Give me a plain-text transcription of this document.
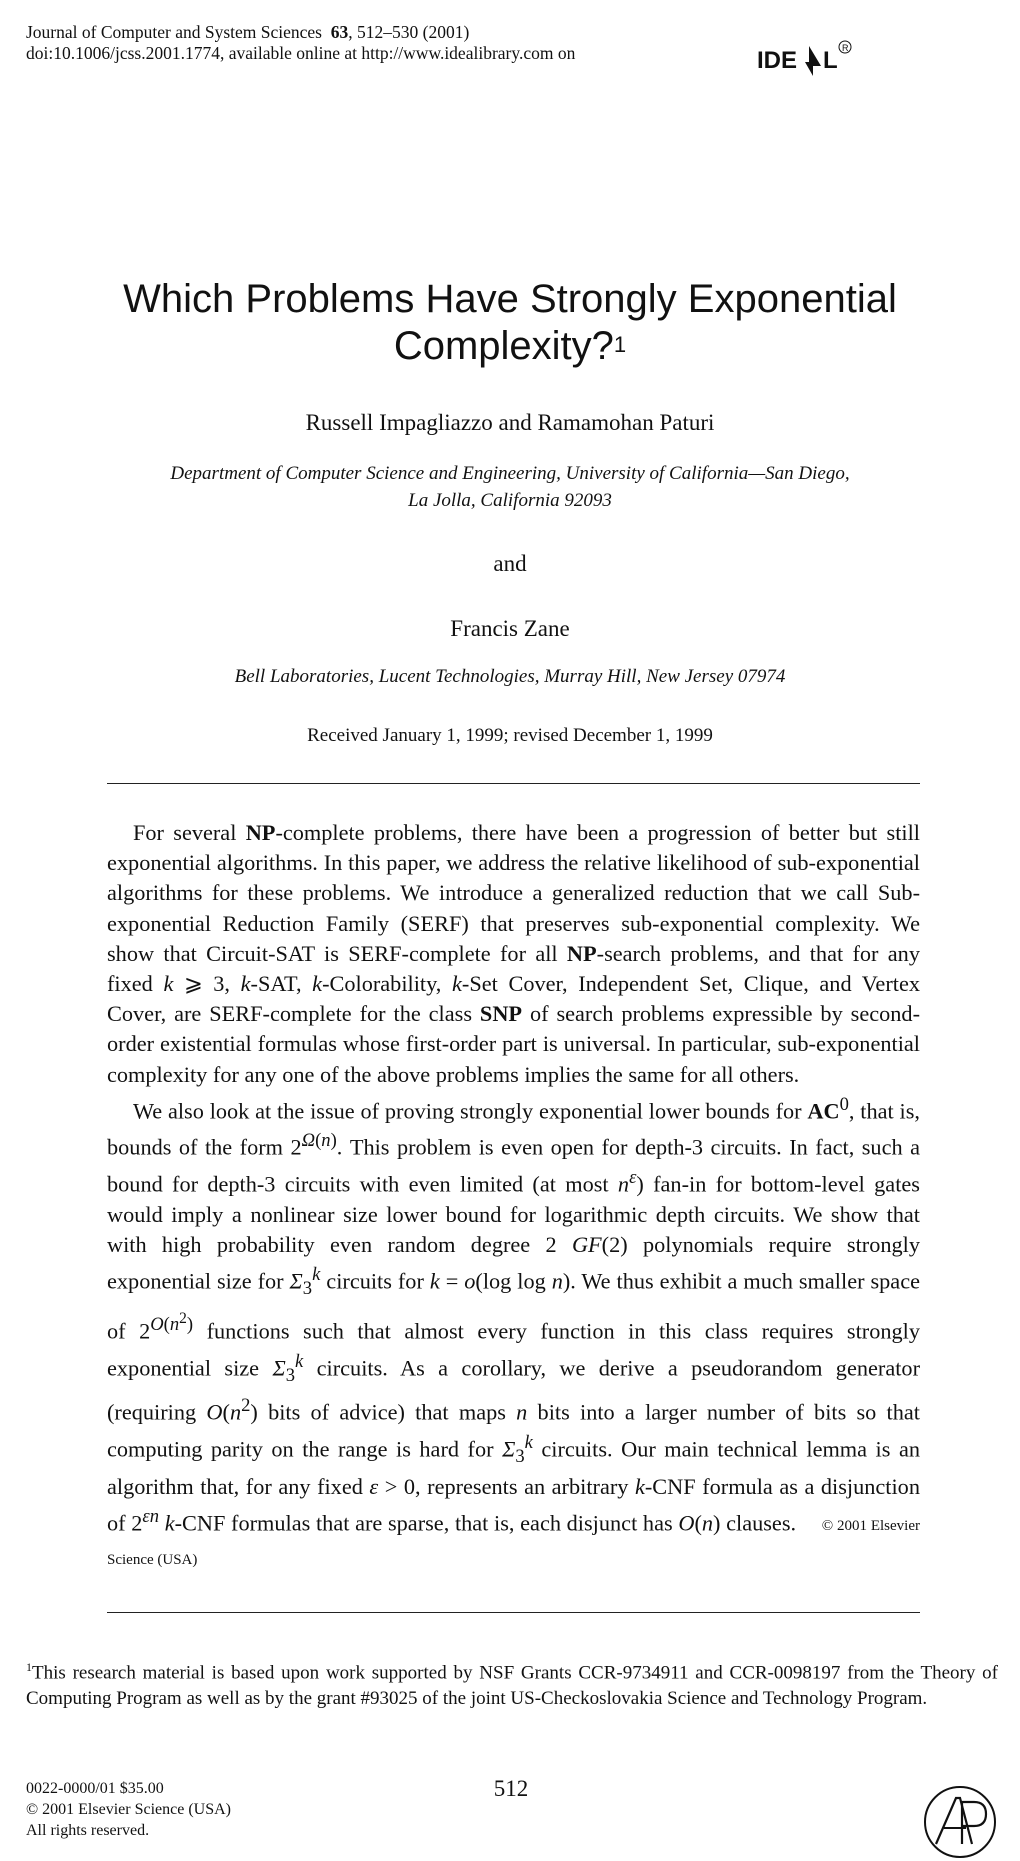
Journal of Computer and System Sciences 63, 512–530 (2001)
doi:10.1006/jcss.2001.1774, available online at http://www.idealibrary.com on	IDE L R
Which Problems Have Strongly Exponential Complexity?$^1$
Russell Impagliazzo and Ramamohan Paturi
Department of Computer Science and Engineering, University of California—San Diego,
La Jolla, California 92093
and
Francis Zane
Bell Laboratories, Lucent Technologies, Murray Hill, New Jersey 07974
Received January 1, 1999; revised December 1, 1999

For several NP-complete problems, there have been a progression of better but still exponential algorithms. In this paper, we address the relative likelihood of sub-exponential algorithms for these problems. We introduce a generalized reduction that we call Sub-exponential Reduction Family (SERF) that preserves sub-exponential complexity. We show that Circuit-SAT is SERF-complete for all NP-search problems, and that for any fixed k ⩾ 3, k-SAT, k-Colorability, k-Set Cover, Independent Set, Clique, and Vertex Cover, are SERF-complete for the class SNP of search problems expressible by second-order existential formulas whose first-order part is universal. In particular, sub-exponential complexity for any one of the above problems implies the same for all others.

We also look at the issue of proving strongly exponential lower bounds for $AC^0$, that is, bounds of the form $2^{\Omega(n)}$. This problem is even open for depth-3 circuits. In fact, such a bound for depth-3 circuits with even limited (at most $n^\varepsilon$) fan-in for bottom-level gates would imply a nonlinear size lower bound for logarithmic depth circuits. We show that with high probability even random degree 2 GF(2) polynomials require strongly exponential size for $\Sigma_3^k$ circuits for k = o(log log n). We thus exhibit a much smaller space of $2^{O(n^2)}$ functions such that almost every function in this class requires strongly exponential size $\Sigma_3^k$ circuits. As a corollary, we derive a pseudorandom generator (requiring $O(n^2)$ bits of advice) that maps n bits into a larger number of bits so that computing parity on the range is hard for $\Sigma_3^k$ circuits. Our main technical lemma is an algorithm that, for any fixed ε > 0, represents an arbitrary k-CNF formula as a disjunction of $2^{\varepsilon n}$ k-CNF formulas that are sparse, that is, each disjunct has O(n) clauses. © 2001 Elsevier Science (USA)

$^1$This research material is based upon work supported by NSF Grants CCR-9734911 and CCR-0098197 from the Theory of Computing Program as well as by the grant #93025 of the joint US-Checkoslovakia Science and Technology Program.
0022-0000/01 $35.00
© 2001 Elsevier Science (USA)
All rights reserved.
512
